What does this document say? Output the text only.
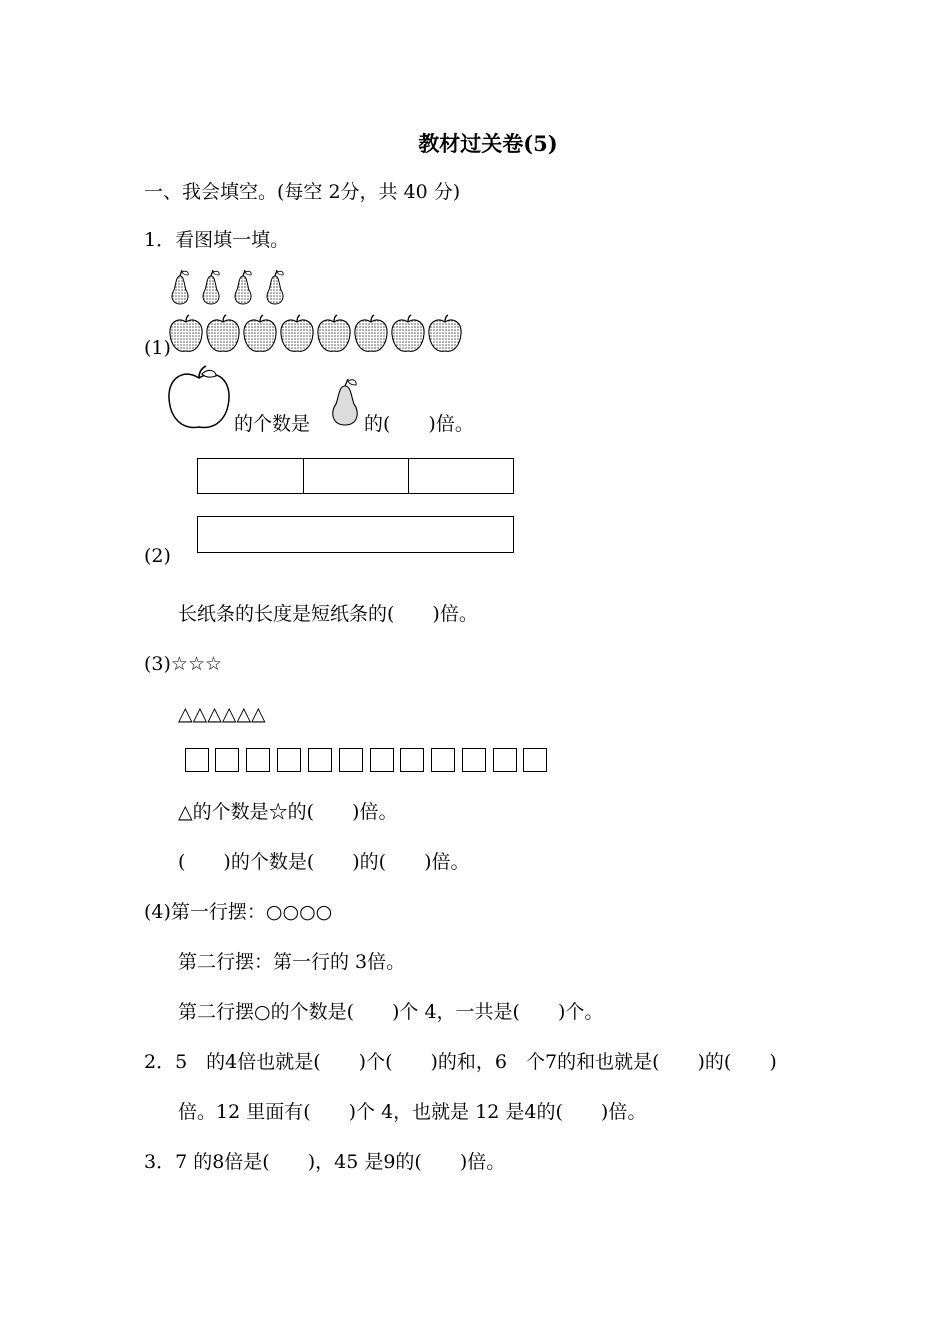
教材过关卷(5)
一、我会填空。(每空 2分，共 40 分)
1．看图填一填。
(1)
的个数是	的(　　)倍。
(2)
长纸条的长度是短纸条的(　　)倍。
(3)☆☆☆
△△△△△△
△的个数是☆的(　　)倍。
(　　)的个数是(　　)的(　　)倍。
(4)第一行摆：○○○○
第二行摆：第一行的 3倍。
第二行摆○的个数是(　　)个 4，一共是(　　)个。
2．5　的4倍也就是(　　)个(　　)的和，6　个7的和也就是(　　)的(　　)
倍。12 里面有(　　)个 4，也就是 12 是4的(　　)倍。
3．7 的8倍是(　　)，45 是9的(　　)倍。
